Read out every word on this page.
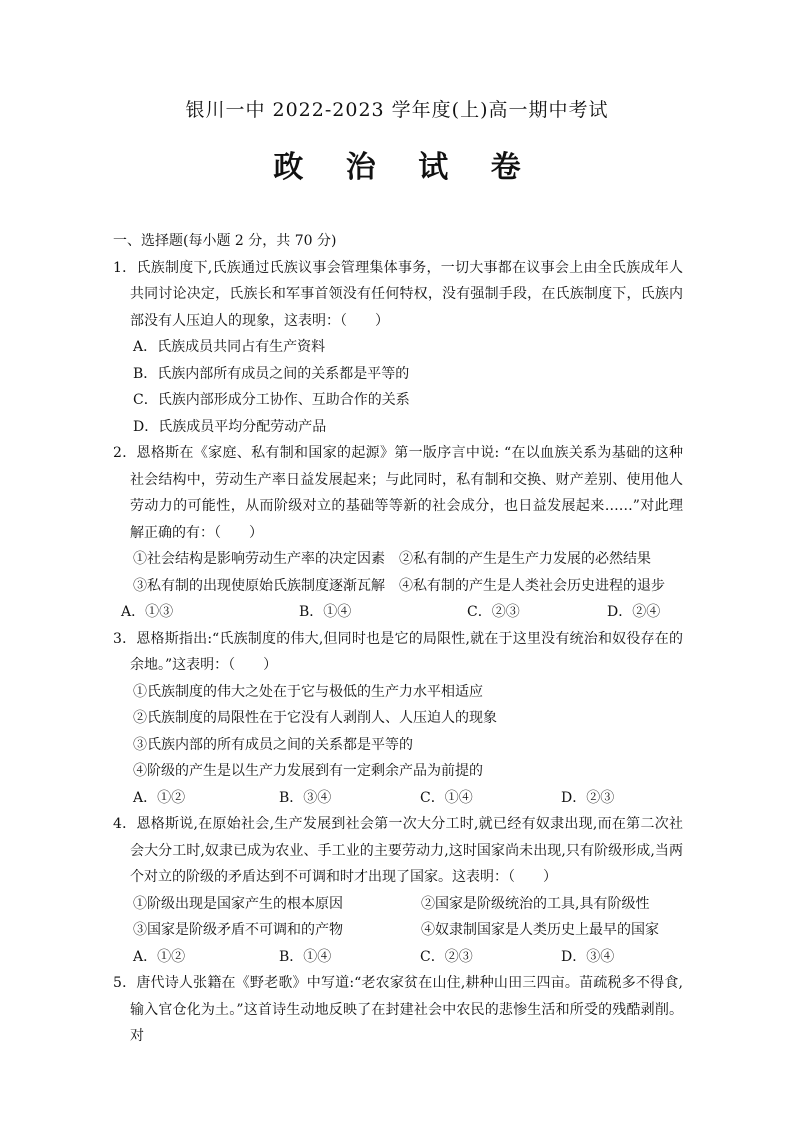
银川一中 2022-2023 学年度(上)高一期中考试
政 治 试 卷

一、选择题(每小题 2 分，共 70 分)

1．氏族制度下,氏族通过氏族议事会管理集体事务，一切大事都在议事会上由全氏族成年人共同讨论决定，氏族长和军事首领没有任何特权，没有强制手段，在氏族制度下，氏族内部没有人压迫人的现象，这表明：（　　）

A．氏族成员共同占有生产资料

B．氏族内部所有成员之间的关系都是平等的

C．氏族内部形成分工协作、互助合作的关系

D．氏族成员平均分配劳动产品

2．恩格斯在《家庭、私有制和国家的起源》第一版序言中说: “在以血族关系为基础的这种社会结构中，劳动生产率日益发展起来；与此同时，私有制和交换、财产差别、使用他人劳动力的可能性，从而阶级对立的基础等等新的社会成分，也日益发展起来……”对此理解正确的有：（　　）

①社会结构是影响劳动生产率的决定因素　②私有制的产生是生产力发展的必然结果

③私有制的出现使原始氏族制度逐渐瓦解　④私有制的产生是人类社会历史进程的退步

A．①③	B．①④	C．②③	D．②④

3．恩格斯指出:“氏族制度的伟大,但同时也是它的局限性,就在于这里没有统治和奴役存在的余地。”这表明：（　　）

①氏族制度的伟大之处在于它与极低的生产力水平相适应

②氏族制度的局限性在于它没有人剥削人、人压迫人的现象

③氏族内部的所有成员之间的关系都是平等的

④阶级的产生是以生产力发展到有一定剩余产品为前提的

A．①②	B．③④	C．①④	D．②③

4．恩格斯说,在原始社会,生产发展到社会第一次大分工时,就已经有奴隶出现,而在第二次社会大分工时,奴隶已成为农业、手工业的主要劳动力,这时国家尚未出现,只有阶级形成,当两个对立的阶级的矛盾达到不可调和时才出现了国家。这表明：（　　）

①阶级出现是国家产生的根本原因	②国家是阶级统治的工具,具有阶级性
③国家是阶级矛盾不可调和的产物	④奴隶制国家是人类历史上最早的国家
A．①②	B．①④	C．②③	D．③④

5．唐代诗人张籍在《野老歌》中写道:“老农家贫在山住,耕种山田三四亩。苗疏税多不得食,输入官仓化为土。”这首诗生动地反映了在封建社会中农民的悲惨生活和所受的残酷剥削。对
